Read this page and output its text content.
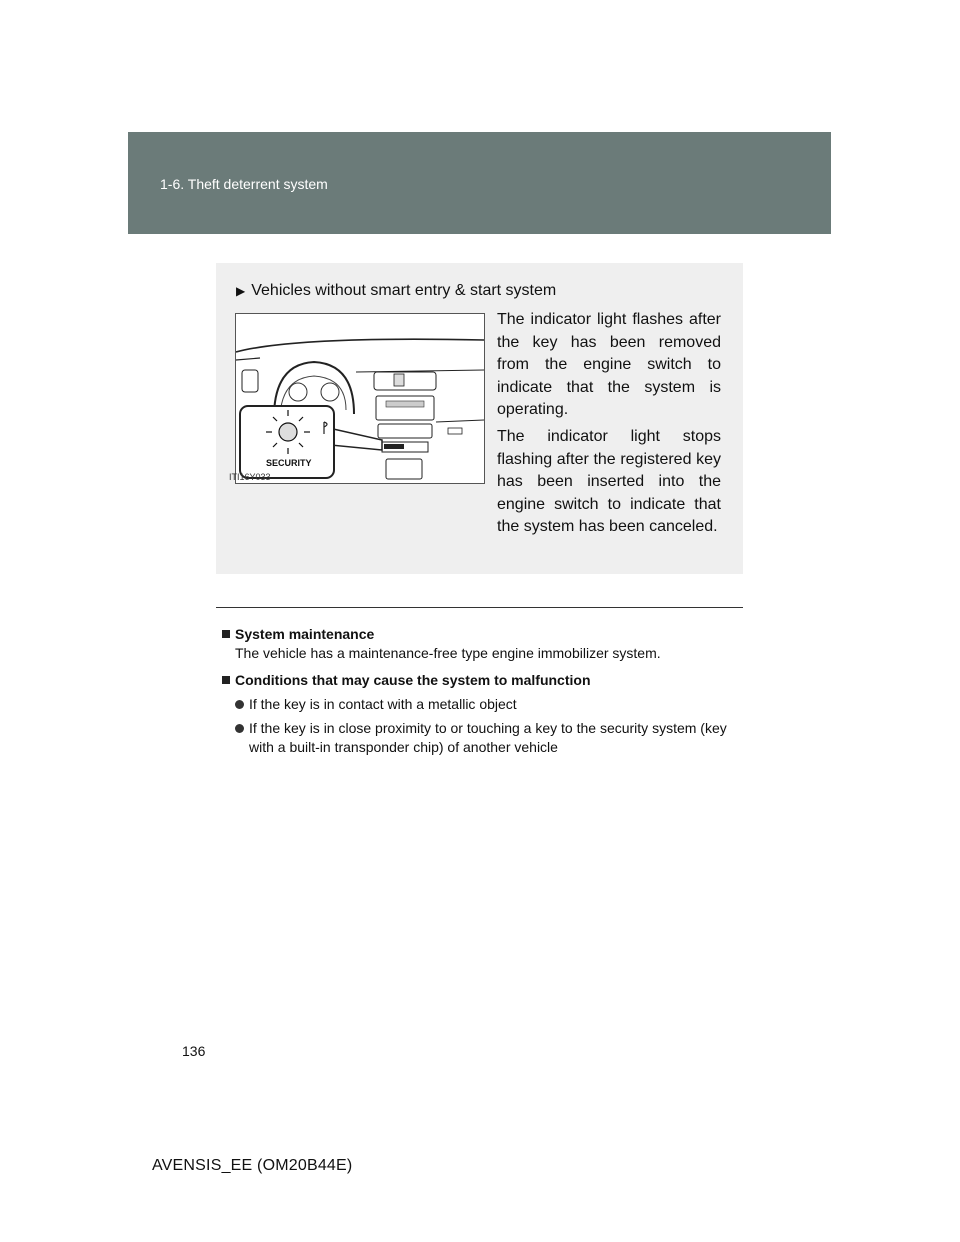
1-6. Theft deterrent system
▶ Vehicles without smart entry & start system
SECURITY

The indicator light flashes after the key has been removed from the engine switch to indicate that the system is operating.

The indicator light stops flashing after the registered key has been inserted into the engine switch to indicate that the system has been canceled.

ITI16Y033
System maintenance
The vehicle has a maintenance-free type engine immobilizer system.
Conditions that may cause the system to malfunction
If the key is in contact with a metallic object
If the key is in close proximity to or touching a key to the security system (key with a built-in transponder chip) of another vehicle
136
AVENSIS_EE (OM20B44E)
